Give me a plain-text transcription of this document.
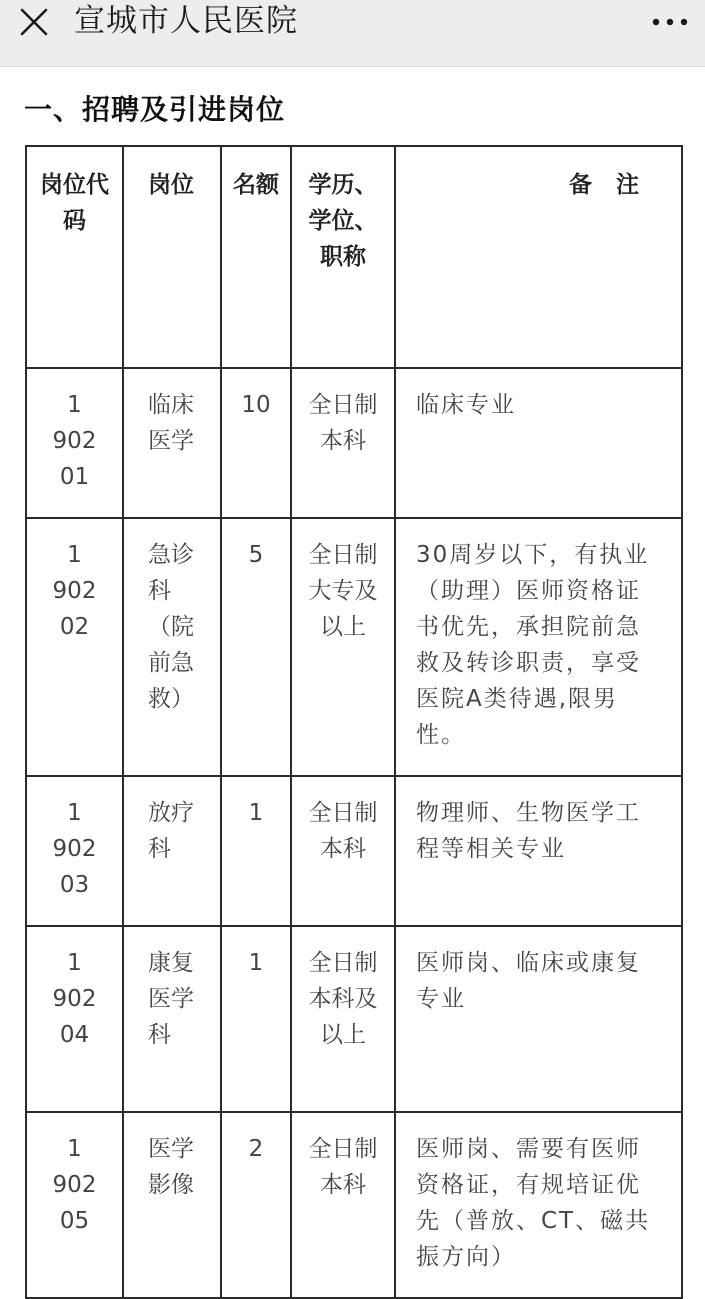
宣城市人民医院
一、招聘及引进岗位
岗位代码	岗位	名额	学历、学位、职称	备 注

1
902
01	临床医学	10	全日制本科	临床专业

1
902
02	急诊科（院前急救）	5	全日制大专及以上	30周岁以下，有执业（助理）医师资格证书优先，承担院前急救及转诊职责，享受医院A类待遇,限男性。

1
902
03	放疗科	1	全日制本科	物理师、生物医学工程等相关专业

1
902
04	康复医学科	1	全日制本科及以上	医师岗、临床或康复专业

1
902
05	医学影像	2	全日制本科	医师岗、需要有医师资格证，有规培证优先（普放、CT、磁共振方向）
